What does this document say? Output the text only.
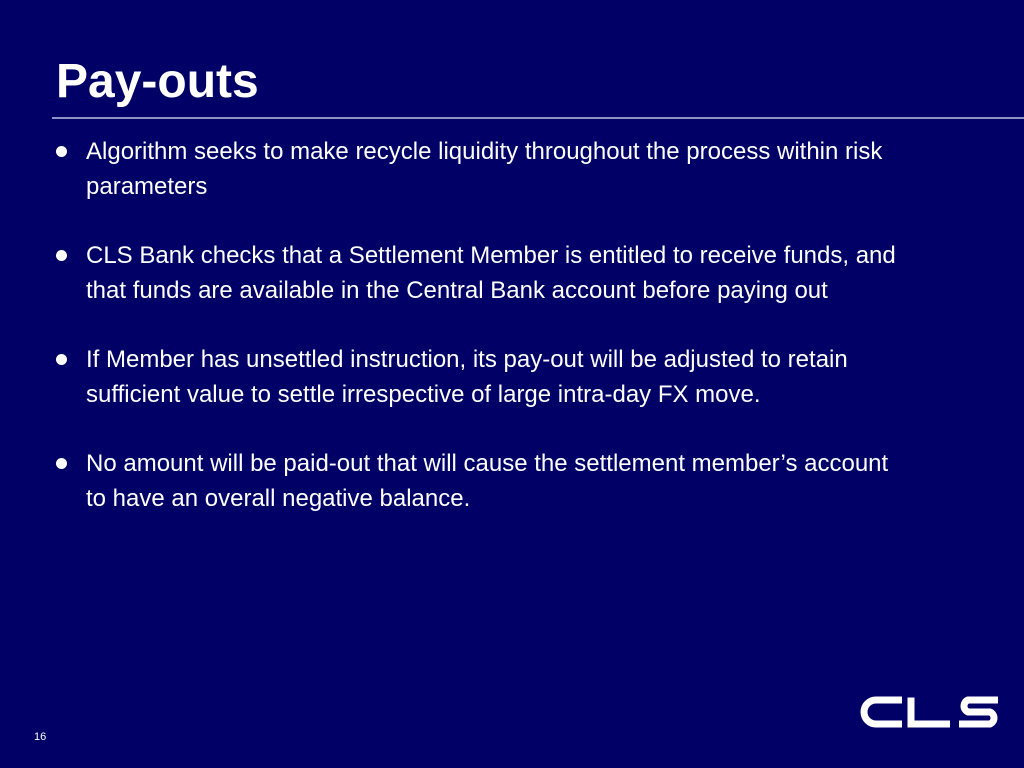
Pay-outs
Algorithm seeks to make recycle liquidity throughout the process within risk parameters
CLS Bank checks that a Settlement Member is entitled to receive funds, and that funds are available in the Central Bank account before paying out
If Member has unsettled instruction, its pay-out will be adjusted to retain sufficient value to settle irrespective of large intra-day FX move.
No amount will be paid-out that will cause the settlement member’s account to have an overall negative balance.
16
